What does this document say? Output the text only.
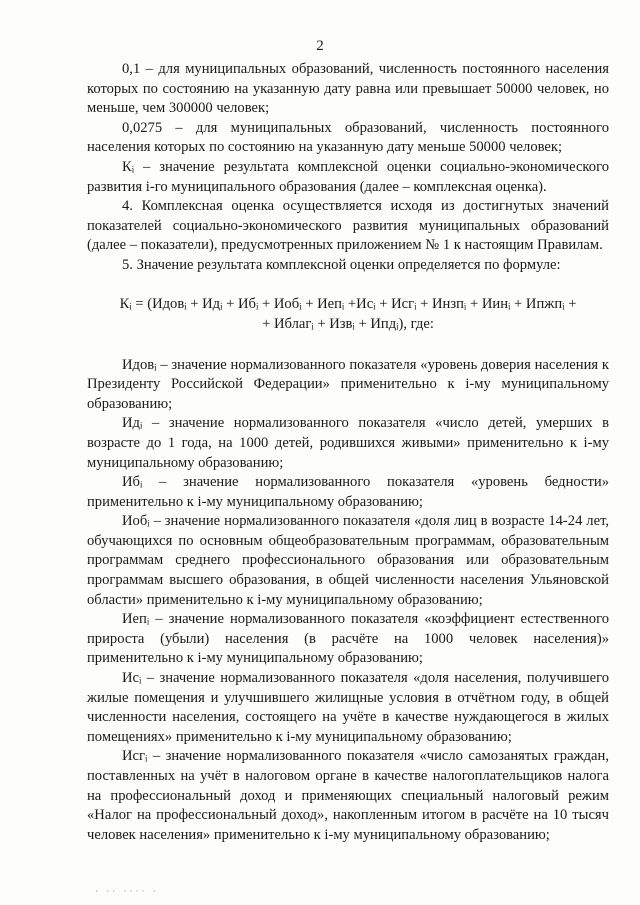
2

0,1 – для муниципальных образований, численность постоянного населения которых по состоянию на указанную дату равна или превышает 50000 человек, но меньше, чем 300000 человек;

0,0275 – для муниципальных образований, численность постоянного населения которых по состоянию на указанную дату меньше 50000 человек;

Кᵢ – значение результата комплексной оценки социально-экономического развития i-го муниципального образования (далее – комплексная оценка).

4. Комплексная оценка осуществляется исходя из достигнутых значений показателей социально-экономического развития муниципальных образований (далее – показатели), предусмотренных приложением № 1 к настоящим Правилам.

5. Значение результата комплексной оценки определяется по формуле:

Кᵢ = (Идовᵢ + Идᵢ + Ибᵢ + Иобᵢ + Иепᵢ +Исᵢ + Исгᵢ + Инзпᵢ + Иинᵢ + Ипжпᵢ +
+ Иблагᵢ + Извᵢ + Ипдᵢ), где:

Идовᵢ – значение нормализованного показателя «уровень доверия населения к Президенту Российской Федерации» применительно к i-му муниципальному образованию;

Идᵢ – значение нормализованного показателя «число детей, умерших в возрасте до 1 года, на 1000 детей, родившихся живыми» применительно к i-му муниципальному образованию;

Ибᵢ – значение нормализованного показателя «уровень бедности» применительно к i-му муниципальному образованию;

Иобᵢ – значение нормализованного показателя «доля лиц в возрасте 14-24 лет, обучающихся по основным общеобразовательным программам, образовательным программам среднего профессионального образования или образовательным программам высшего образования, в общей численности населения Ульяновской области» применительно к i-му муниципальному образованию;

Иепᵢ – значение нормализованного показателя «коэффициент естественного прироста (убыли) населения (в расчёте на 1000 человек населения)» применительно к i-му муниципальному образованию;

Исᵢ – значение нормализованного показателя «доля населения, получившего жилые помещения и улучшившего жилищные условия в отчётном году, в общей численности населения, состоящего на учёте в качестве нуждающегося в жилых помещениях» применительно к i-му муниципальному образованию;

Исгᵢ – значение нормализованного показателя «число самозанятых граждан, поставленных на учёт в налоговом органе в качестве налогоплательщиков налога на профессиональный доход и применяющих специальный налоговый режим «Налог на профессиональный доход», накопленным итогом в расчёте на 10 тысяч человек населения» применительно к i-му муниципальному образованию;

· ·· ···· ·
